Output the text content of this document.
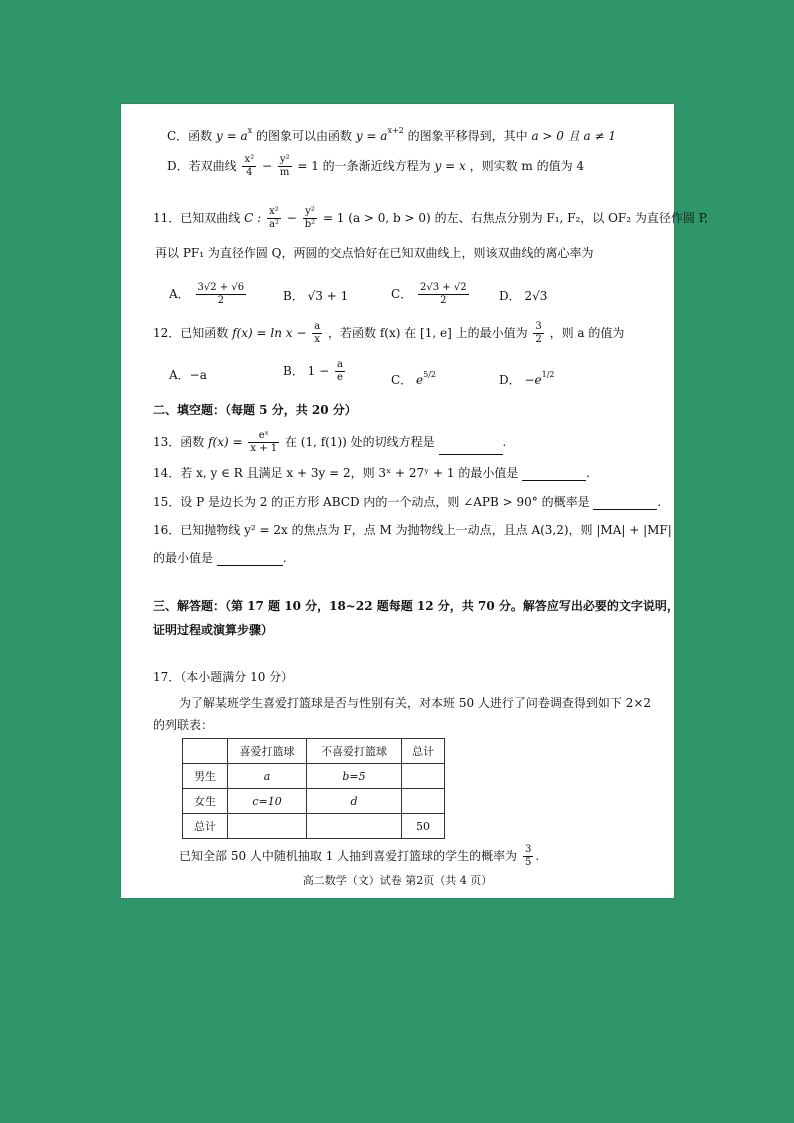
C．函数 $y = a^x$ 的图象可以由函数 $y = a^{x+2}$ 的图象平移得到，其中 a > 0 且 a ≠ 1
D．若双曲线 $\frac{\text{x²}}{4} - \frac{\text{y²}}{m} = 1$ 的一条渐近线方程为 y = x ，则实数 m 的值为 4
11．已知双曲线 C : $\frac{\text{x²}}{\text{a²}} - \frac{\text{y²}}{\text{b²}} = 1$ (a > 0, b > 0) 的左、右焦点分别为 F₁, F₂，以 OF₂ 为直径作圆 P,
再以 PF₁ 为直径作圆 Q，两圆的交点恰好在已知双曲线上，则该双曲线的离心率为
A． $\frac{3√2 + √6}{2}$	B． √3 + 1	C． $\frac{2√3 + √2}{2}$	D． 2√3
12．已知函数 $f(x) = \ln x - \frac{a}{x}$ ，若函数 f(x) 在 [1, e] 上的最小值为 $\frac{3}{2}$ ，则 a 的值为
A．−a	B． $1 - \frac{a}{e}$	C． $e^{5/2}$	D． $-e^{1/2}$
二、填空题：（每题 5 分，共 20 分）
13．函数 $f(x) = \frac{\text{eˣ}}{x + 1}$ 在 (1, f(1)) 处的切线方程是	.
14．若 x, y ∈ R 且满足 x + 3y = 2，则 3ˣ + 27ʸ + 1 的最小值是	.
15．设 P 是边长为 2 的正方形 ABCD 内的一个动点，则 ∠APB > 90° 的概率是	.
16．已知抛物线 y² = 2x 的焦点为 F，点 M 为抛物线上一动点，且点 A(3,2)，则 |MA| + |MF|
的最小值是	.
三、解答题：（第 17 题 10 分，18~22 题每题 12 分，共 70 分。解答应写出必要的文字说明，
证明过程或演算步骤）
17．（本小题满分 10 分）
为了解某班学生喜爱打篮球是否与性别有关，对本班 50 人进行了问卷调查得到如下 2×2
的列联表：
	喜爱打篮球	不喜爱打篮球	总计
男生	a	b=5	
女生	c=10	d	
总计			50
已知全部 50 人中随机抽取 1 人抽到喜爱打篮球的学生的概率为 $\frac{3}{5}$ .
高二数学（文）试卷 第2页（共 4 页）
